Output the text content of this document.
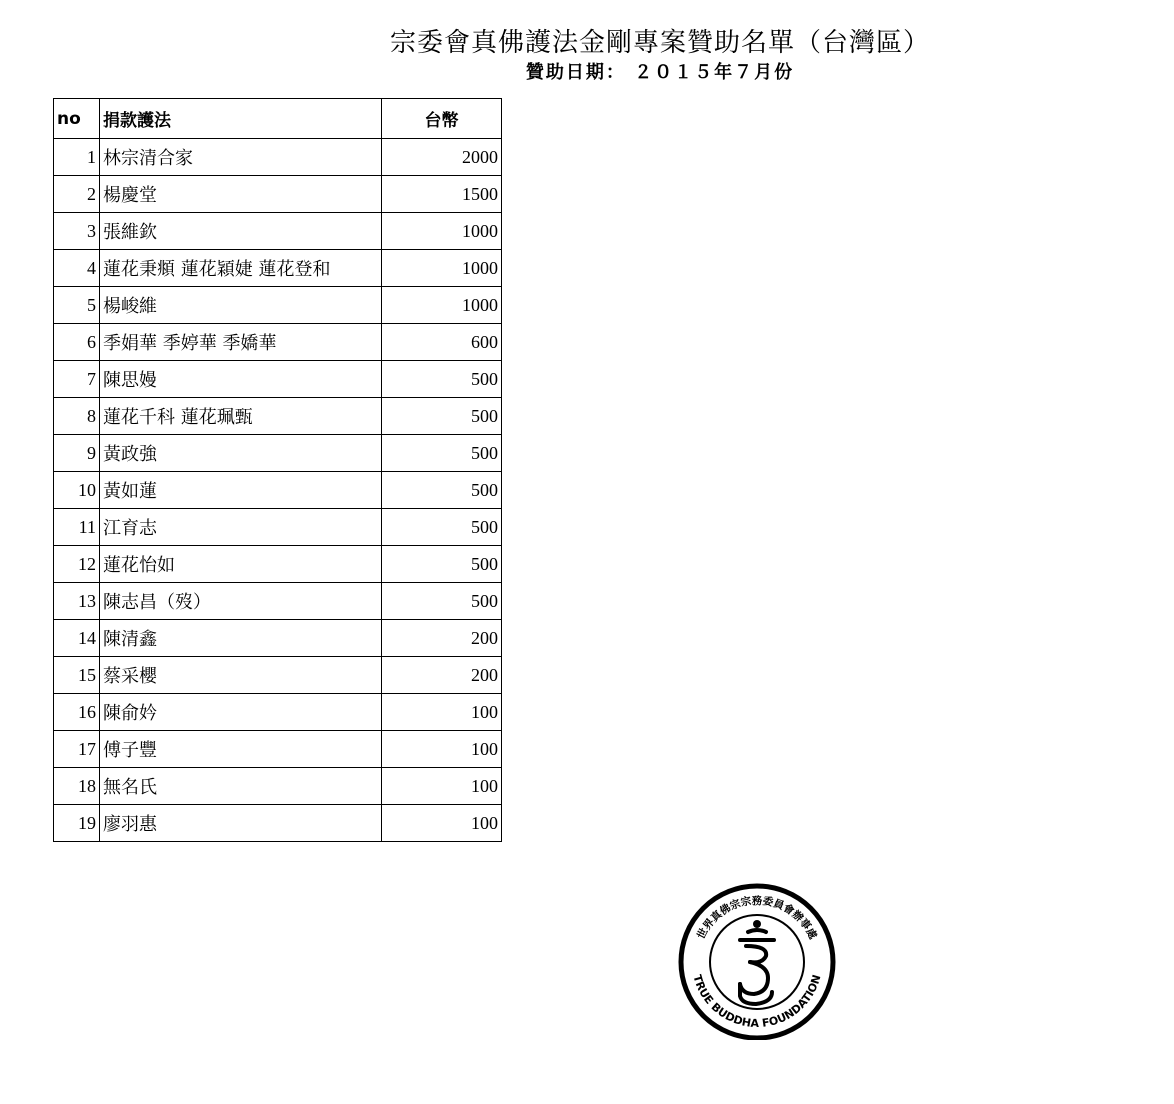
宗委會真佛護法金剛專案贊助名單（台灣區）
贊助日期： ２０１５年７月份
no	捐款護法	台幣
1	林宗清合家	2000
2	楊慶堂	1500
3	張維欽	1000
4	蓮花秉頫 蓮花穎婕 蓮花登和	1000
5	楊峻維	1000
6	季娟華 季婷華 季嬌華	600
7	陳思嫚	500
8	蓮花千科 蓮花珮甄	500
9	黃政強	500
10	黃如蓮	500
11	江育志	500
12	蓮花怡如	500
13	陳志昌（歿）	500
14	陳清鑫	200
15	蔡采櫻	200
16	陳俞妗	100
17	傅子豐	100
18	無名氏	100
19	廖羽惠	100
世界真佛宗宗務委員會辦事處
TRUE BUDDHA FOUNDATION
